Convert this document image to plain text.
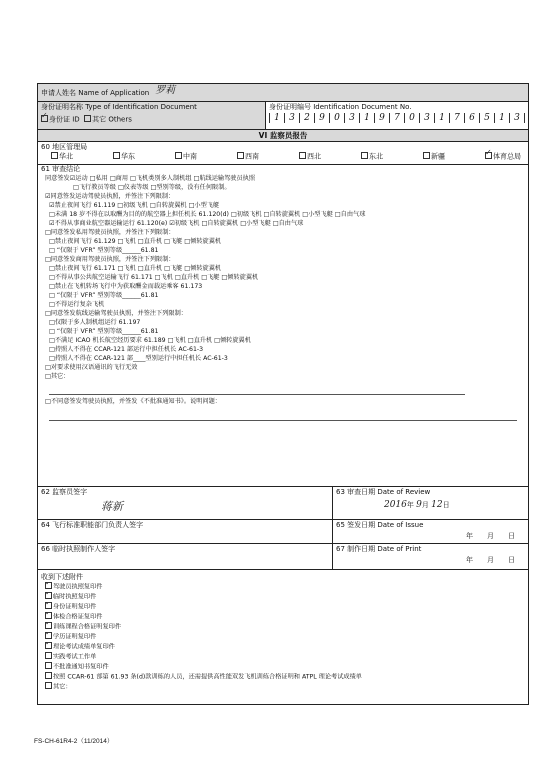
申请人姓名 Name of Application 罗莉
身份证明名称 Type of Identification Document
✓身份证 ID 其它 Others
身份证明编号 Identification Document No.
1	3	2	9	0	3	1	9	7	0	3	1	7	6	5	1	3
VI 监察员报告
60 地区管理局
华北	华东	中南	西南	西北	东北	新疆
✓	体育总局
61 审查结论
同意签发☑运动 □私用 □商用 □飞机类别多人制机组 □航线运输驾驶员执照
□飞行教员等级 □仪表等级 □型别等级，没有任何限制。
☑同意签发运动驾驶员执照，并签注下列限制：
☑禁止夜间飞行 61.119 □初级飞机 □自转旋翼机 □小型飞艇
□未满 18 岁不得在以取酬为目的的航空器上担任机长 61.120(d) □初级飞机 □自转旋翼机 □小型飞艇 □自由气球
☑不得从事商业航空器运输运行 61.120(e) ☑初级飞机 □自转旋翼机 □小型飞艇 □自由气球
□同意签发私用驾驶员执照，并签注下列限制：
□禁止夜间飞行 61.129 □飞机 □直升机 □飞艇 □倾转旋翼机
□ “仅限于 VFR” 型别等级______61.81
□同意签发商用驾驶员执照，并签注下列限制：
□禁止夜间飞行 61.171 □飞机 □直升机 □飞艇 □倾转旋翼机
□不得从事公共航空运输飞行 61.171 □飞机 □直升机 □飞艇 □倾转旋翼机
□禁止在飞机转场飞行中为获取酬金而载运乘客 61.173
□ “仅限于 VFR” 型别等级______61.81
□不得运行复杂飞机
□同意签发航线运输驾驶员执照，并签注下列限制：
□仅限于多人制机组运行 61.197
□ “仅限于 VFR” 型别等级______61.81
□不满足 ICAO 机长航空经历要求 61.189 □飞机 □直升机 □倾转旋翼机
□持照人不得在 CCAR-121 部运行中担任机长 AC-61-3
□持照人不得在 CCAR-121 部____型别运行中担任机长 AC-61-3
□对要求使用汉语通讯的飞行无效
□其它：
□不同意签发驾驶员执照，并签发《不批准通知书》。说明问题：
62 监察员签字
蒋新
63 审查日期 Date of Review
2016年 9月 12日
64 飞行标准职能部门负责人签字	65 签发日期 Date of Issue
年　　月　　日
66 临时执照制作人签字	67 制作日期 Date of Print
年　　月　　日
收到下述附件
✓驾驶员执照复印件
✓临时执照复印件
✓身份证明复印件
✓体检合格证复印件
✓训练课程合格证明复印件
✓学历证明复印件
✓理论考试成绩单复印件
实践考试工作单
不批准通知书复印件
按照 CCAR-61 部第 61.93 条(d)款训练的人员，还需提供高性能双发飞机训练合格证明和 ATPL 理论考试成绩单
其它：
FS-CH-61R4-2（11/2014）
